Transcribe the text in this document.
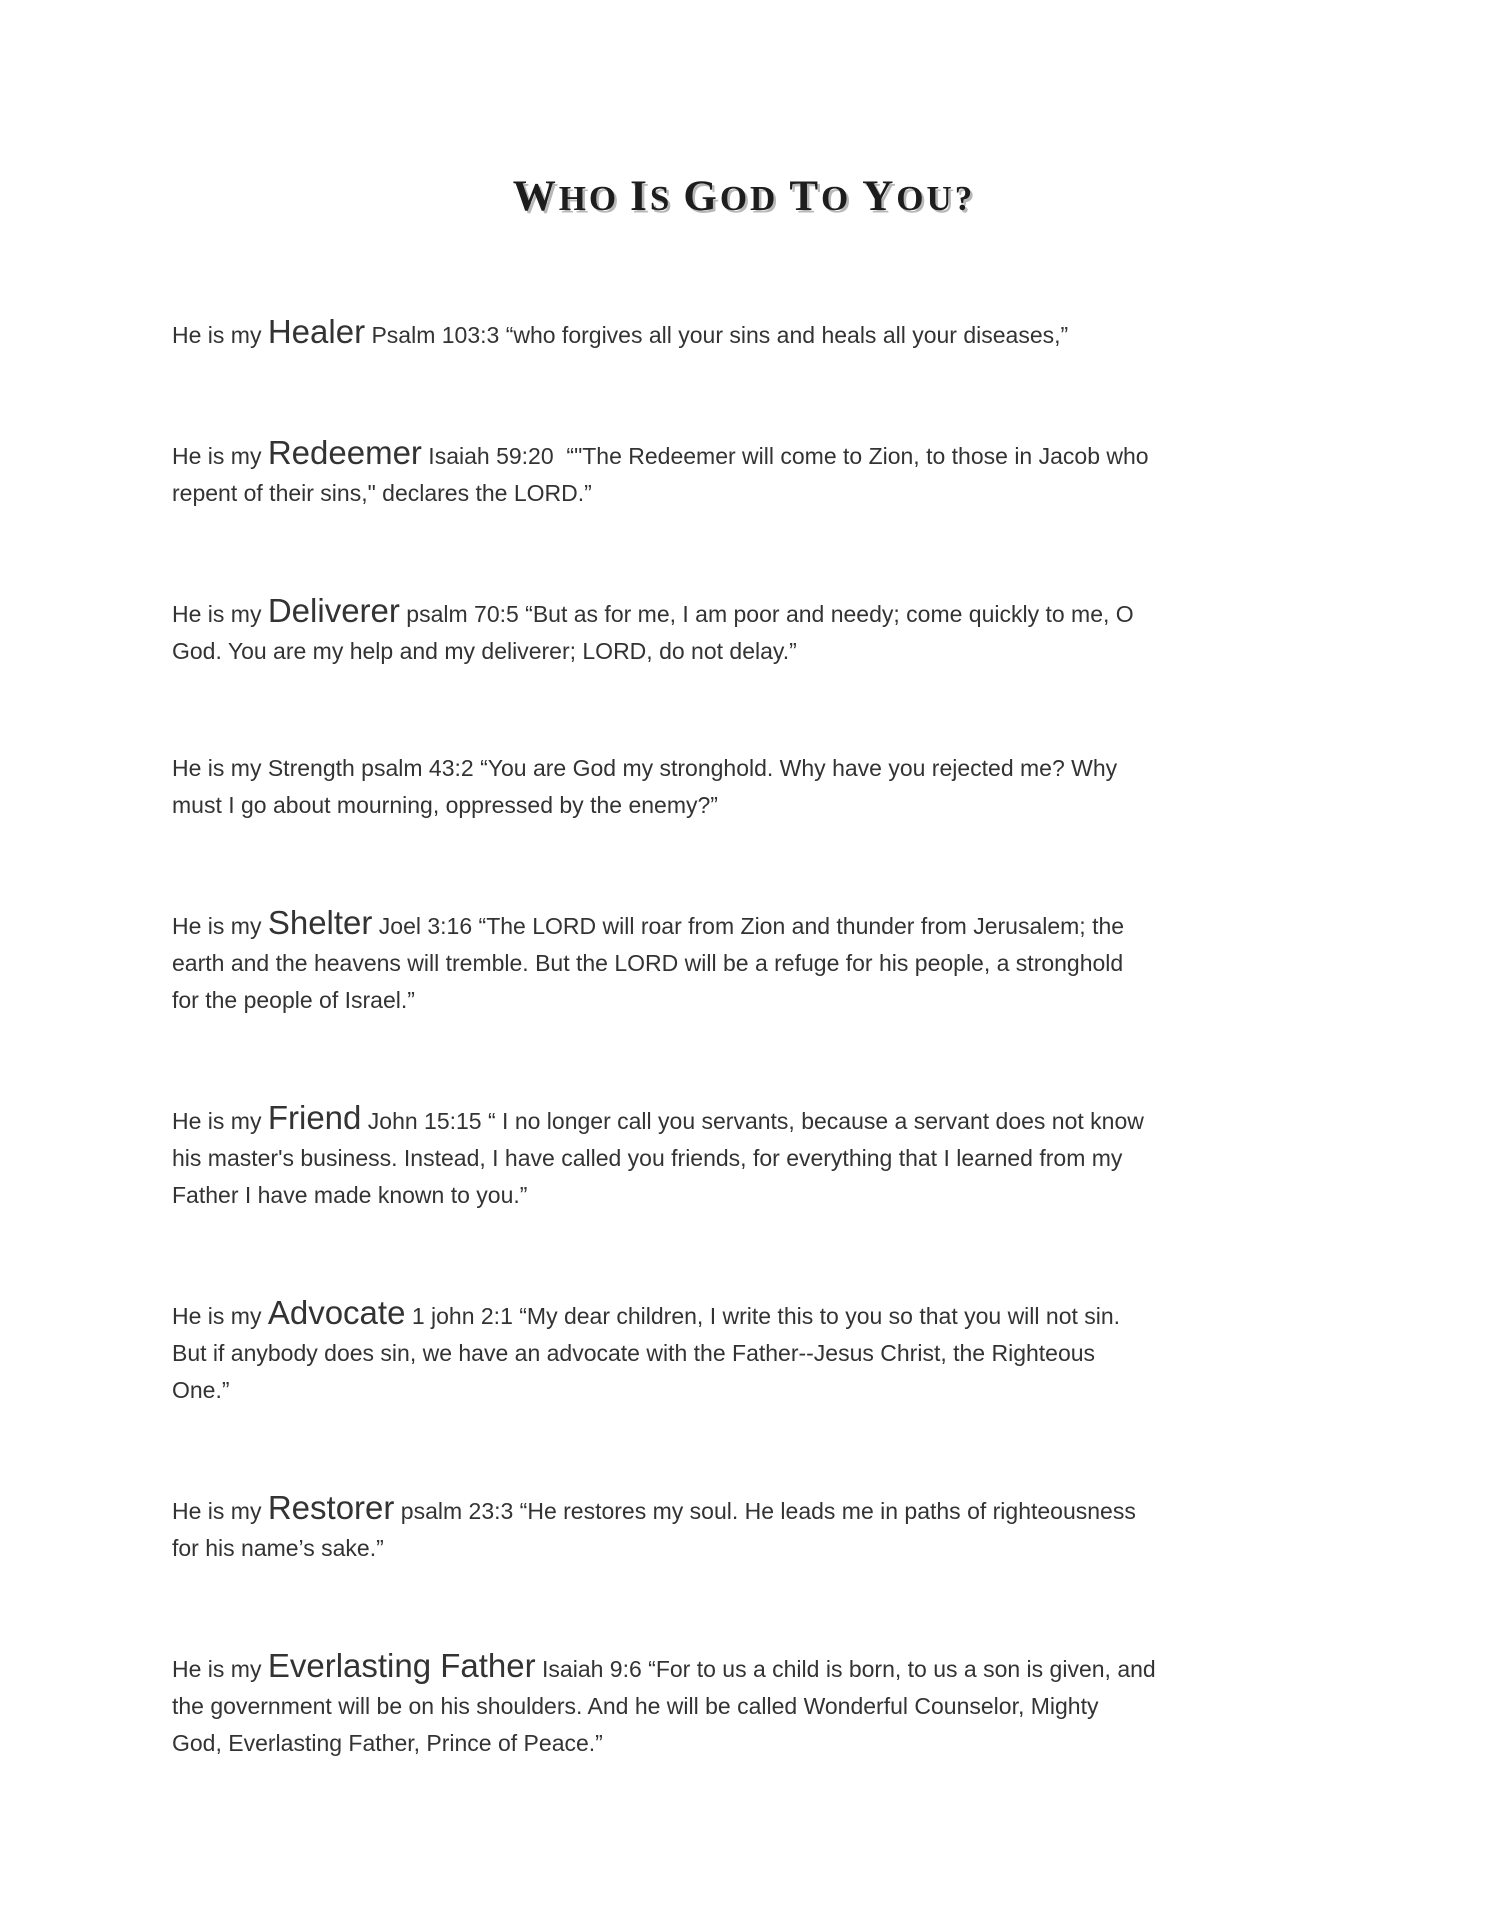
WHO IS GOD TO YOU?

He is my Healer Psalm 103:3 “who forgives all your sins and heals all your diseases,”

He is my Redeemer Isaiah 59:20  “"The Redeemer will come to Zion, to those in Jacob who
repent of their sins," declares the LORD.”

He is my Deliverer psalm 70:5 “But as for me, I am poor and needy; come quickly to me, O
God. You are my help and my deliverer; LORD, do not delay.”

He is my Strength psalm 43:2 “You are God my stronghold. Why have you rejected me? Why
must I go about mourning, oppressed by the enemy?”

He is my Shelter Joel 3:16 “The LORD will roar from Zion and thunder from Jerusalem; the
earth and the heavens will tremble. But the LORD will be a refuge for his people, a stronghold
for the people of Israel.”

He is my Friend John 15:15 “ I no longer call you servants, because a servant does not know
his master's business. Instead, I have called you friends, for everything that I learned from my
Father I have made known to you.”

He is my Advocate 1 john 2:1 “My dear children, I write this to you so that you will not sin.
But if anybody does sin, we have an advocate with the Father--Jesus Christ, the Righteous
One.”

He is my Restorer psalm 23:3 “He restores my soul. He leads me in paths of righteousness
for his name’s sake.”

He is my Everlasting Father Isaiah 9:6 “For to us a child is born, to us a son is given, and
the government will be on his shoulders. And he will be called Wonderful Counselor, Mighty
God, Everlasting Father, Prince of Peace.”
